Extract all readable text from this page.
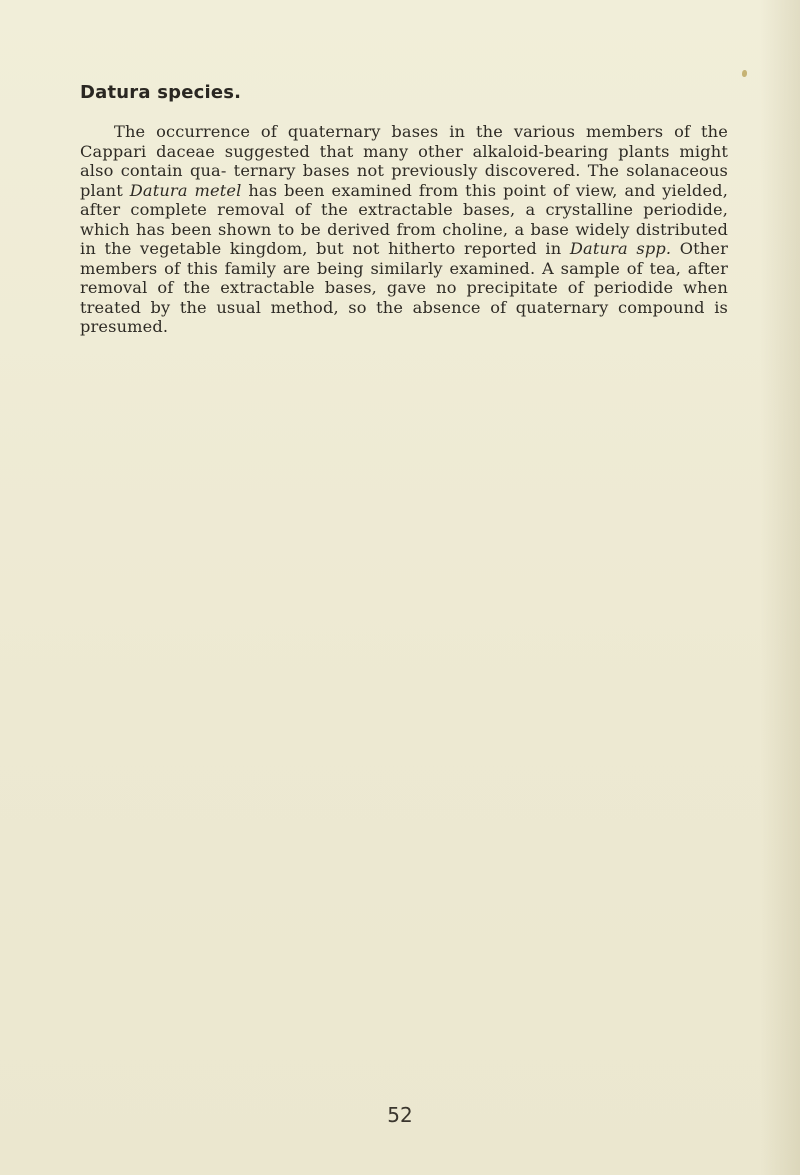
Datura species.

The occurrence of quaternary bases in the various members of the Cappari daceae suggested that many other alkaloid-bearing plants might also contain qua- ternary bases not previously discovered. The solanaceous plant Datura metel has been examined from this point of view, and yielded, after complete removal of the extractable bases, a crystalline periodide, which has been shown to be derived from choline, a base widely distributed in the vegetable kingdom, but not hitherto reported in Datura spp. Other members of this family are being similarly examined. A sample of tea, after removal of the extractable bases, gave no precipitate of periodide when treated by the usual method, so the absence of quaternary compound is presumed.

52
